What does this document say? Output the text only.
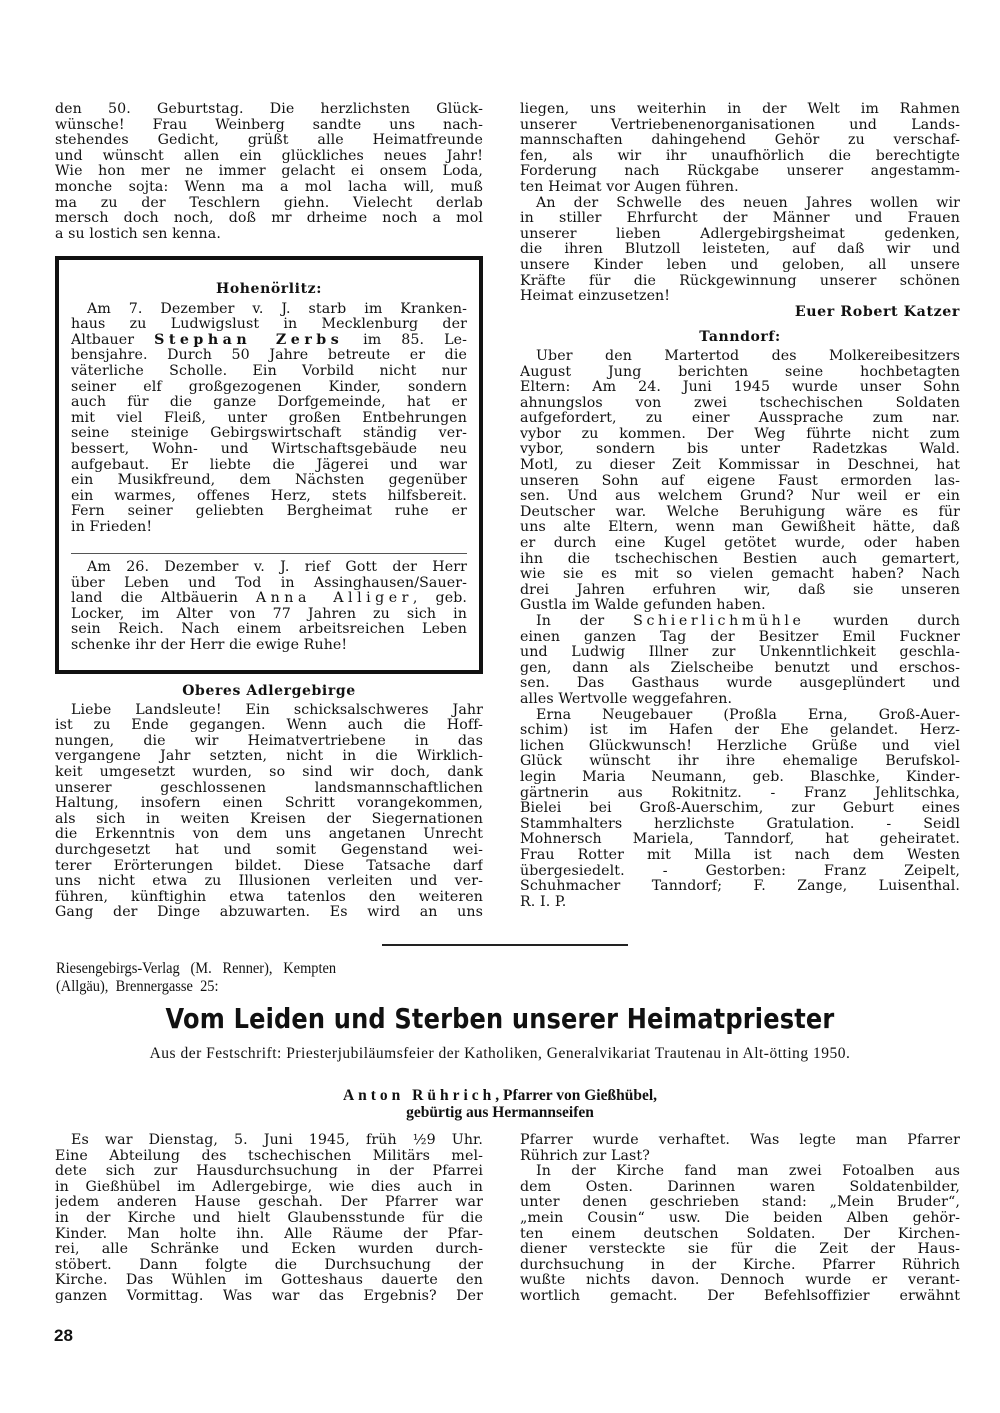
den 50. Geburtstag. Die herzlichsten Glück-
wünsche! Frau Weinberg sandte uns nach-
stehendes Gedicht, grüßt alle Heimatfreunde
und wünscht allen ein glückliches neues Jahr!
Wie hon mer ne immer gelacht ei onsem Loda,
monche sojta: Wenn ma a mol lacha will, muß
ma zu der Teschlern giehn. Vielecht derlab
mersch doch noch, doß mr drheime noch a mol
a su lostich sen kenna.
Hohenörlitz:
Am 7. Dezember v. J. starb im Kranken-
haus zu Ludwigslust in Mecklenburg der
Altbauer Stephan Zerbs im 85. Le-
bensjahre. Durch 50 Jahre betreute er die
väterliche Scholle. Ein Vorbild nicht nur
seiner elf großgezogenen Kinder, sondern
auch für die ganze Dorfgemeinde, hat er
mit viel Fleiß, unter großen Entbehrungen
seine steinige Gebirgswirtschaft ständig ver-
bessert, Wohn- und Wirtschaftsgebäude neu
aufgebaut. Er liebte die Jägerei und war
ein Musikfreund, dem Nächsten gegenüber
ein warmes, offenes Herz, stets hilfsbereit.
Fern seiner geliebten Bergheimat ruhe er
in Frieden!
Am 26. Dezember v. J. rief Gott der Herr
über Leben und Tod in Assinghausen/Sauer-
land die Altbäuerin Anna Alliger, geb.
Locker, im Alter von 77 Jahren zu sich in
sein Reich. Nach einem arbeitsreichen Leben
schenke ihr der Herr die ewige Ruhe!
Oberes Adlergebirge
Liebe Landsleute! Ein schicksalschweres Jahr
ist zu Ende gegangen. Wenn auch die Hoff-
nungen, die wir Heimatvertriebene in das
vergangene Jahr setzten, nicht in die Wirklich-
keit umgesetzt wurden, so sind wir doch, dank
unserer geschlossenen landsmannschaftlichen
Haltung, insofern einen Schritt vorangekommen,
als sich in weiten Kreisen der Siegernationen
die Erkenntnis von dem uns angetanen Unrecht
durchgesetzt hat und somit Gegenstand wei-
terer Erörterungen bildet. Diese Tatsache darf
uns nicht etwa zu Illusionen verleiten und ver-
führen, künftighin etwa tatenlos den weiteren
Gang der Dinge abzuwarten. Es wird an uns
liegen, uns weiterhin in der Welt im Rahmen
unserer Vertriebenenorganisationen und Lands-
mannschaften dahingehend Gehör zu verschaf-
fen, als wir ihr unaufhörlich die berechtigte
Forderung nach Rückgabe unserer angestamm-
ten Heimat vor Augen führen.
An der Schwelle des neuen Jahres wollen wir
in stiller Ehrfurcht der Männer und Frauen
unserer lieben Adlergebirgsheimat gedenken,
die ihren Blutzoll leisteten, auf daß wir und
unsere Kinder leben und geloben, all unsere
Kräfte für die Rückgewinnung unserer schönen
Heimat einzusetzen!
Euer Robert Katzer
Tanndorf:
Über den Martertod des Molkereibesitzers
August Jung berichten seine hochbetagten
Eltern: Am 24. Juni 1945 wurde unser Sohn
ahnungslos von zwei tschechischen Soldaten
aufgefordert, zu einer Aussprache zum nar.
vybor zu kommen. Der Weg führte nicht zum
vybor, sondern bis unter Radetzkas Wald.
Motl, zu dieser Zeit Kommissar in Deschnei, hat
unseren Sohn auf eigene Faust ermorden las-
sen. Und aus welchem Grund? Nur weil er ein
Deutscher war. Welche Beruhigung wäre es für
uns alte Eltern, wenn man Gewißheit hätte, daß
er durch eine Kugel getötet wurde, oder haben
ihn die tschechischen Bestien auch gemartert,
wie sie es mit so vielen gemacht haben? Nach
drei Jahren erfuhren wir, daß sie unseren
Gustla im Walde gefunden haben.
In der Schierlichmühle wurden durch
einen ganzen Tag der Besitzer Emil Fuckner
und Ludwig Illner zur Unkenntlichkeit geschla-
gen, dann als Zielscheibe benutzt und erschos-
sen. Das Gasthaus wurde ausgeplündert und
alles Wertvolle weggefahren.
Erna Neugebauer (Proßla Erna, Groß-Auer-
schim) ist im Hafen der Ehe gelandet. Herz-
lichen Glückwunsch! Herzliche Grüße und viel
Glück wünscht ihr ihre ehemalige Berufskol-
legin Maria Neumann, geb. Blaschke, Kinder-
gärtnerin aus Rokitnitz. - Franz Jehlitschka,
Bielei bei Groß-Auerschim, zur Geburt eines
Stammhalters herzlichste Gratulation. - Seidl
Mohnersch Mariela, Tanndorf, hat geheiratet.
Frau Rotter mit Milla ist nach dem Westen
übergesiedelt. - Gestorben: Franz Zeipelt,
Schuhmacher Tanndorf; F. Zange, Luisenthal.
R. I. P.
Riesengebirgs-Verlag (M. Renner), Kempten
(Allgäu), Brennergasse 25:
Vom Leiden und Sterben unserer Heimatpriester
Aus der Festschrift: Priesterjubiläumsfeier der Katholiken, Generalvikariat Trautenau in Alt-ötting 1950.
Anton Rührich, Pfarrer von Gießhübel,
gebürtig aus Hermannseifen
Es war Dienstag, 5. Juni 1945, früh ½9 Uhr.
Eine Abteilung des tschechischen Militärs mel-
dete sich zur Hausdurchsuchung in der Pfarrei
in Gießhübel im Adlergebirge, wie dies auch in
jedem anderen Hause geschah. Der Pfarrer war
in der Kirche und hielt Glaubensstunde für die
Kinder. Man holte ihn. Alle Räume der Pfar-
rei, alle Schränke und Ecken wurden durch-
stöbert. Dann folgte die Durchsuchung der
Kirche. Das Wühlen im Gotteshaus dauerte den
ganzen Vormittag. Was war das Ergebnis? Der
Pfarrer wurde verhaftet. Was legte man Pfarrer
Rührich zur Last?
In der Kirche fand man zwei Fotoalben aus
dem Osten. Darinnen waren Soldatenbilder,
unter denen geschrieben stand: „Mein Bruder“,
„mein Cousin“ usw. Die beiden Alben gehör-
ten einem deutschen Soldaten. Der Kirchen-
diener versteckte sie für die Zeit der Haus-
durchsuchung in der Kirche. Pfarrer Rührich
wußte nichts davon. Dennoch wurde er verant-
wortlich gemacht. Der Befehlsoffizier erwähnt
28
